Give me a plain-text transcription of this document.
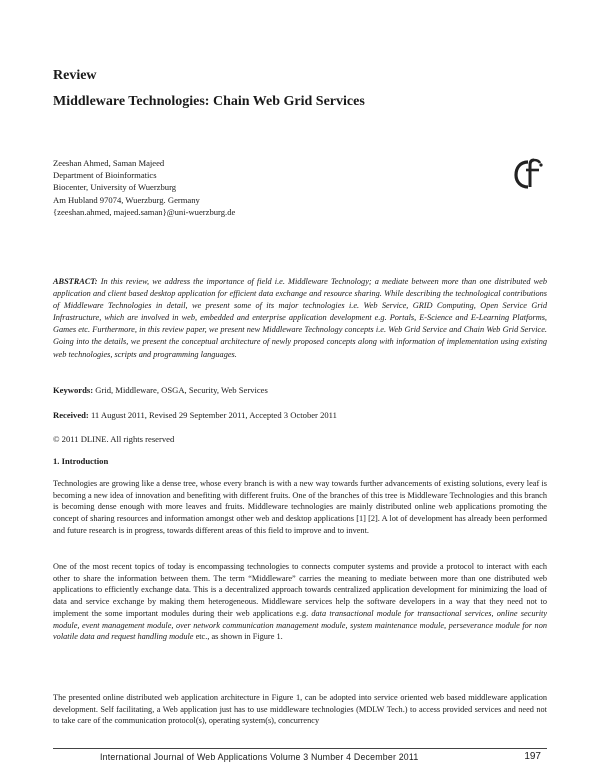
Review
Middleware Technologies: Chain Web Grid Services
Zeeshan Ahmed, Saman Majeed
Department of Bioinformatics
Biocenter, University of Wuerzburg
Am Hubland 97074, Wuerzburg. Germany
{zeeshan.ahmed, majeed.saman}@uni-wuerzburg.de

ABSTRACT: In this review, we address the importance of field i.e. Middleware Technology; a mediate between more than one distributed web application and client based desktop application for efficient data exchange and resource sharing. While describing the technological contributions of Middleware Technologies in detail, we present some of its major technologies i.e. Web Service, GRID Computing, Open Service Grid Infrastructure, which are involved in web, embedded and enterprise application development e.g. Portals, E-Science and E-Learning Platforms, Games etc. Furthermore, in this review paper, we present new Middleware Technology concepts i.e. Web Grid Service and Chain Web Grid Service. Going into the details, we present the conceptual architecture of newly proposed concepts along with information of implementation using existing web technologies, scripts and programming languages.

Keywords: Grid, Middleware, OSGA, Security, Web Services

Received: 11 August 2011, Revised 29 September 2011, Accepted 3 October 2011

© 2011 DLINE. All rights reserved

1. Introduction

Technologies are growing like a dense tree, whose every branch is with a new way towards further advancements of existing solutions, every leaf is becoming a new idea of innovation and benefiting with different fruits. One of the branches of this tree is Middleware Technologies and this branch is becoming dense enough with more leaves and fruits. Middleware technologies are mainly distributed online web applications promoting the concept of sharing resources and information amongst other web and desktop applications [1] [2]. A lot of development has already been performed and future research is in progress, towards different areas of this field to improve and to invent.

One of the most recent topics of today is encompassing technologies to connects computer systems and provide a protocol to interact with each other to share the information between them. The term “Middleware” carries the meaning to mediate between more than one distributed web applications to efficiently exchange data. This is a decentralized approach towards centralized application development for minimizing the load of data and service exchange by making them heterogeneous. Middleware services help the software developers in a way that they need not to implement the some important modules during their web applications e.g. data transactional module for transactional services, online security module, event management module, over network communication management module, system maintenance module, perseverance module for non volatile data and request handling module etc., as shown in Figure 1.

The presented online distributed web application architecture in Figure 1, can be adopted into service oriented web based middleware application development. Self facilitating, a Web application just has to use middleware technologies (MDLW Tech.) to access provided services and need not to take care of the communication protocol(s), operating system(s), concurrency

International Journal of Web Applications Volume 3 Number 4 December 2011	197
